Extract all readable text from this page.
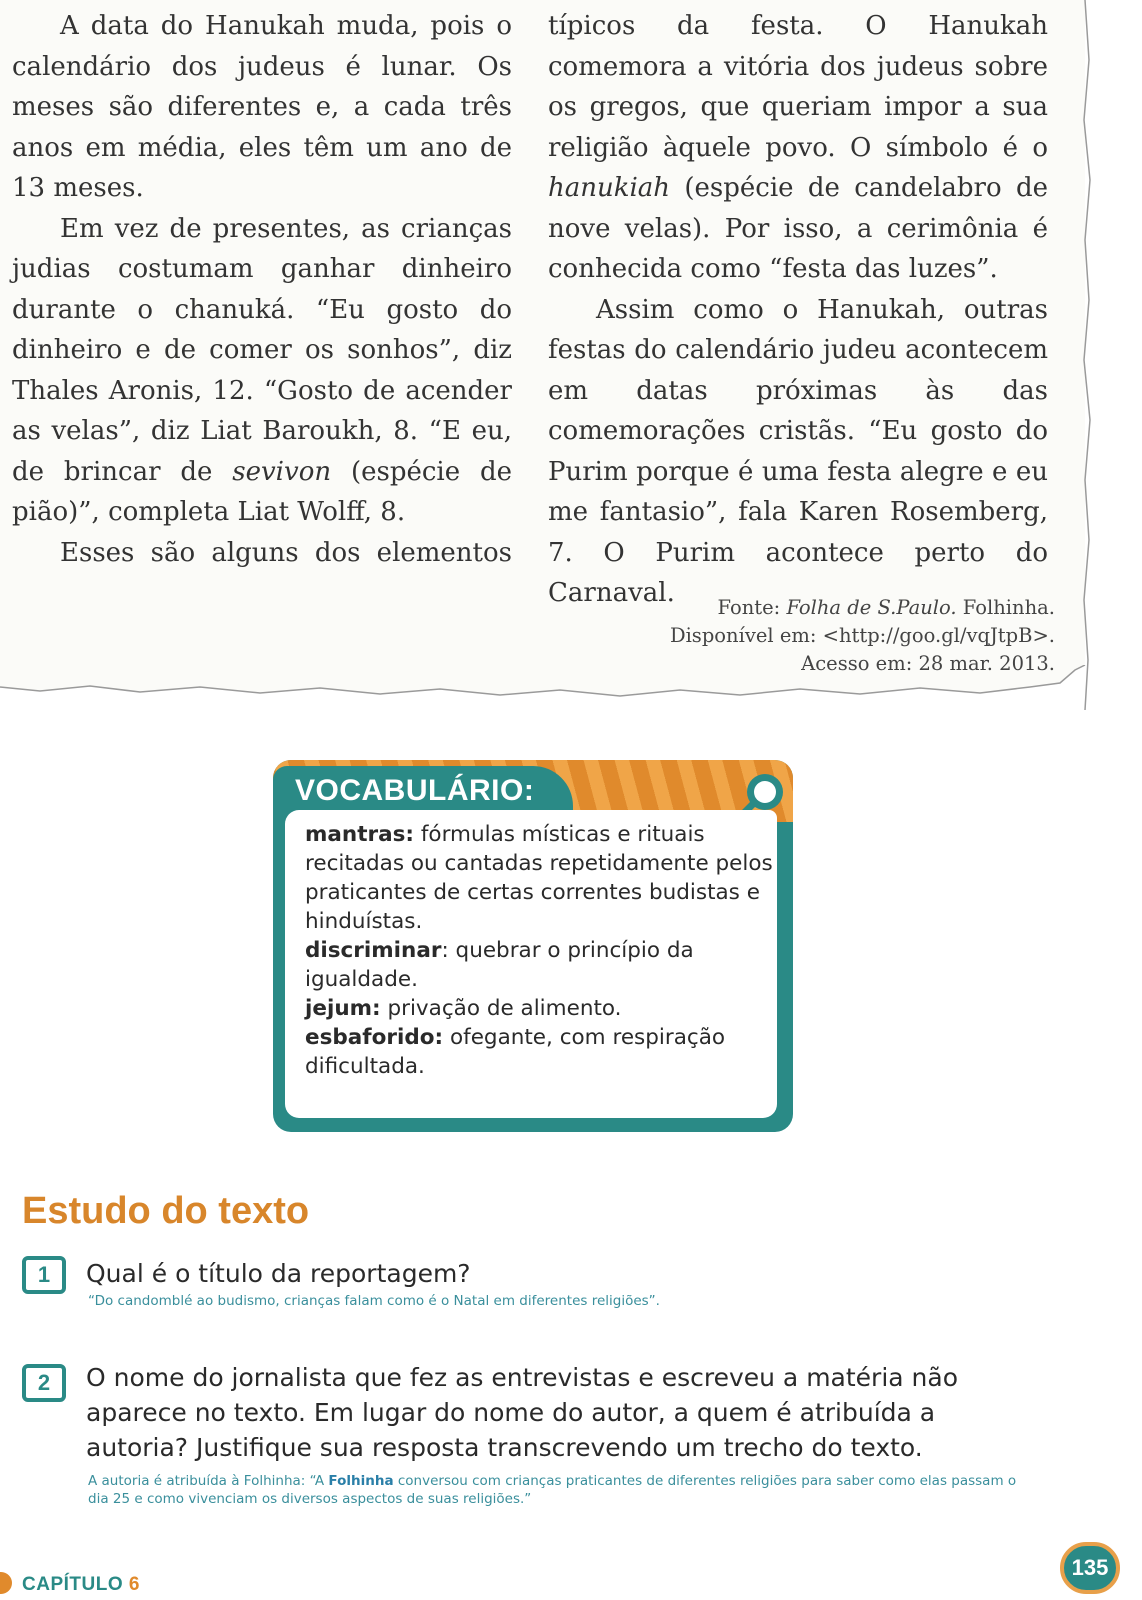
A data do Hanukah muda, pois o calendário dos judeus é lunar. Os meses são diferentes e, a cada três anos em média, eles têm um ano de 13 meses.

Em vez de presentes, as crianças judias costumam ganhar dinheiro durante o chanuká. “Eu gosto do dinheiro e de comer os sonhos”, diz Thales Aronis, 12. “Gosto de acender as velas”, diz Liat Baroukh, 8. “E eu, de brincar de sevivon (espécie de pião)”, completa Liat Wolff, 8.

Esses são alguns dos elementos

típicos da festa. O Hanukah comemora a vitória dos judeus sobre os gregos, que queriam impor a sua religião àquele povo. O símbolo é o hanukiah (espécie de candelabro de nove velas). Por isso, a cerimônia é conhecida como “festa das luzes”.

Assim como o Hanukah, outras festas do calendário judeu acontecem em datas próximas às das comemorações cristãs. “Eu gosto do Purim porque é uma festa alegre e eu me fantasio”, fala Karen Rosemberg, 7. O Purim acontece perto do Carnaval.	Fonte: Folha de S.Paulo. Folhinha.
Disponível em: <http://goo.gl/vqJtpB>.
Acesso em: 28 mar. 2013.
VOCABULÁRIO:

mantras: fórmulas místicas e rituais recitadas ou cantadas repetidamente pelos praticantes de certas correntes budistas e hinduístas.

discriminar: quebrar o princípio da igualdade.

jejum: privação de alimento.

esbaforido: ofegante, com respiração dificultada.

Estudo do texto
1	Qual é o título da reportagem?
“Do candomblé ao budismo, crianças falam como é o Natal em diferentes religiões”.
2	O nome do jornalista que fez as entrevistas e escreveu a matéria não aparece no texto. Em lugar do nome do autor, a quem é atribuída a autoria? Justifique sua resposta transcrevendo um trecho do texto.
A autoria é atribuída à Folhinha: “A Folhinha conversou com crianças praticantes de diferentes religiões para saber como elas passam o dia 25 e como vivenciam os diversos aspectos de suas religiões.”
CAPÍTULO 6
135
